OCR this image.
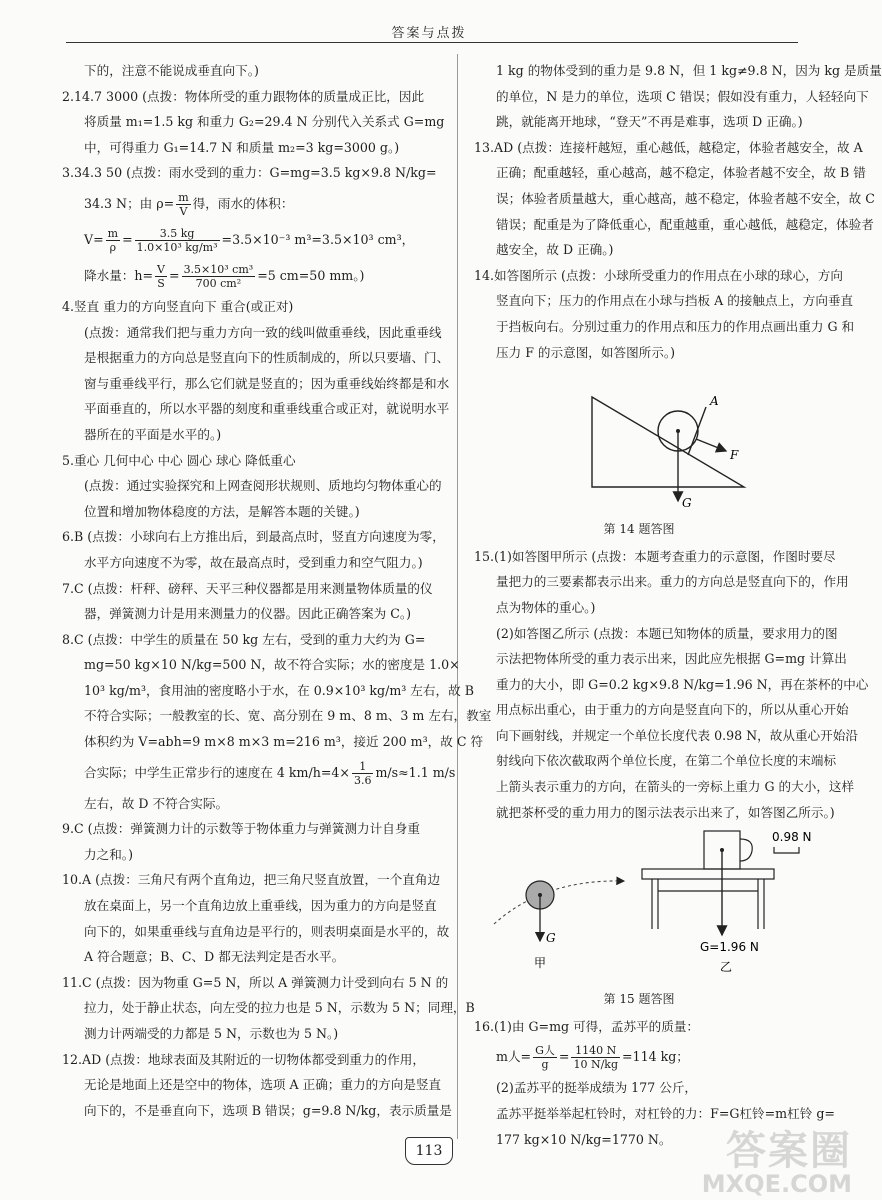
答案与点拨
下的，注意不能说成垂直向下。)
2.14.7 3000 (点拨：物体所受的重力跟物体的质量成正比，因此
将质量 m₁=1.5 kg 和重力 G₂=29.4 N 分别代入关系式 G=mg
中，可得重力 G₁=14.7 N 和质量 m₂=3 kg=3000 g。)
3.34.3 50 (点拨：雨水受到的重力：G=mg=3.5 kg×9.8 N/kg=
34.3 N；由 $\rho= \frac{m}{V}$ 得，雨水的体积：
$V= \frac{m}{\rho} = \frac{3.5 kg}{\text{1.0×10³ kg/m³}} =3.5\times 10^{-3}$ m³=3.5×10³ cm³，
降水量：$h= \frac{V}{S} = \frac{\text{3.5×10³ cm³}}{\text{700 cm²}} =5$ cm=50 mm。)
4.竖直 重力的方向竖直向下 重合(或正对)
(点拨：通常我们把与重力方向一致的线叫做重垂线，因此重垂线
是根据重力的方向总是竖直向下的性质制成的，所以只要墙、门、
窗与重垂线平行，那么它们就是竖直的；因为重垂线始终都是和水
平面垂直的，所以水平器的刻度和重垂线重合或正对，就说明水平
器所在的平面是水平的。)
5.重心 几何中心 中心 圆心 球心 降低重心
(点拨：通过实验探究和上网查阅形状规则、质地均匀物体重心的
位置和增加物体稳度的方法，是解答本题的关键。)
6.B (点拨：小球向右上方推出后，到最高点时，竖直方向速度为零，
水平方向速度不为零，故在最高点时，受到重力和空气阻力。)
7.C (点拨：杆秤、磅秤、天平三种仪器都是用来测量物体质量的仪
器，弹簧测力计是用来测量力的仪器。因此正确答案为 C。)
8.C (点拨：中学生的质量在 50 kg 左右，受到的重力大约为 G=
mg=50 kg×10 N/kg=500 N，故不符合实际；水的密度是 1.0×
10³ kg/m³，食用油的密度略小于水，在 0.9×10³ kg/m³ 左右，故 B
不符合实际；一般教室的长、宽、高分别在 9 m、8 m、3 m 左右，教室
体积约为 V=abh=9 m×8 m×3 m=216 m³，接近 200 m³，故 C 符
合实际；中学生正常步行的速度在 4 $km/h=4\times \frac{1}{3.6} m/s\approx 1.1$ m/s
左右，故 D 不符合实际。
9.C (点拨：弹簧测力计的示数等于物体重力与弹簧测力计自身重
力之和。)
10.A (点拨：三角尺有两个直角边，把三角尺竖直放置，一个直角边
放在桌面上，另一个直角边放上重垂线，因为重力的方向是竖直
向下的，如果重垂线与直角边是平行的，则表明桌面是水平的，故
A 符合题意；B、C、D 都无法判定是否水平。
11.C (点拨：因为物重 G=5 N，所以 A 弹簧测力计受到向右 5 N 的
拉力，处于静止状态，向左受的拉力也是 5 N，示数为 5 N；同理，B
测力计两端受的力都是 5 N，示数也为 5 N。)
12.AD (点拨：地球表面及其附近的一切物体都受到重力的作用，
无论是地面上还是空中的物体，选项 A 正确；重力的方向是竖直
向下的，不是垂直向下，选项 B 错误；g=9.8 N/kg，表示质量是
1 kg 的物体受到的重力是 9.8 N，但 1 kg≠9.8 N，因为 kg 是质量
的单位，N 是力的单位，选项 C 错误；假如没有重力，人轻轻向下
跳，就能离开地球，“登天”不再是难事，选项 D 正确。)
13.AD (点拨：连接杆越短，重心越低，越稳定，体验者越安全，故 A
正确；配重越轻，重心越高，越不稳定，体验者越不安全，故 B 错
误；体验者质量越大，重心越高，越不稳定，体验者越不安全，故 C
错误；配重是为了降低重心，配重越重，重心越低，越稳定，体验者
越安全，故 D 正确。)
14.如答图所示 (点拨：小球所受重力的作用点在小球的球心，方向
竖直向下；压力的作用点在小球与挡板 A 的接触点上，方向垂直
于挡板向右。分别过重力的作用点和压力的作用点画出重力 G 和
压力 F 的示意图，如答图所示。)
A
F
G
第 14 题答图
15.(1)如答图甲所示 (点拨：本题考查重力的示意图，作图时要尽
量把力的三要素都表示出来。重力的方向总是竖直向下的，作用
点为物体的重心。)
(2)如答图乙所示 (点拨：本题已知物体的质量，要求用力的图
示法把物体所受的重力表示出来，因此应先根据 G=mg 计算出
重力的大小，即 G=0.2 kg×9.8 N/kg=1.96 N，再在茶杯的中心
用点标出重心，由于重力的方向是竖直向下的，所以从重心开始
向下画射线，并规定一个单位长度代表 0.98 N，故从重心开始沿
射线向下依次截取两个单位长度，在第二个单位长度的末端标
上箭头表示重力的方向，在箭头的一旁标上重力 G 的大小，这样
就把茶杯受的重力用力的图示法表示出来了，如答图乙所示。)
G
甲
0.98 N
G=1.96 N
乙
第 15 题答图
16.(1)由 G=mg 可得，孟苏平的质量：
m人= $\frac{\text{G人}}{g} = \frac{1140 N}{10 N/kg} =114$ kg；
(2)孟苏平的挺举成绩为 177 公斤，
孟苏平挺举举起杠铃时，对杠铃的力：F=G杠铃=m杠铃 g=
177 kg×10 N/kg=1770 N。
113	答案圈
MXQE.COM
